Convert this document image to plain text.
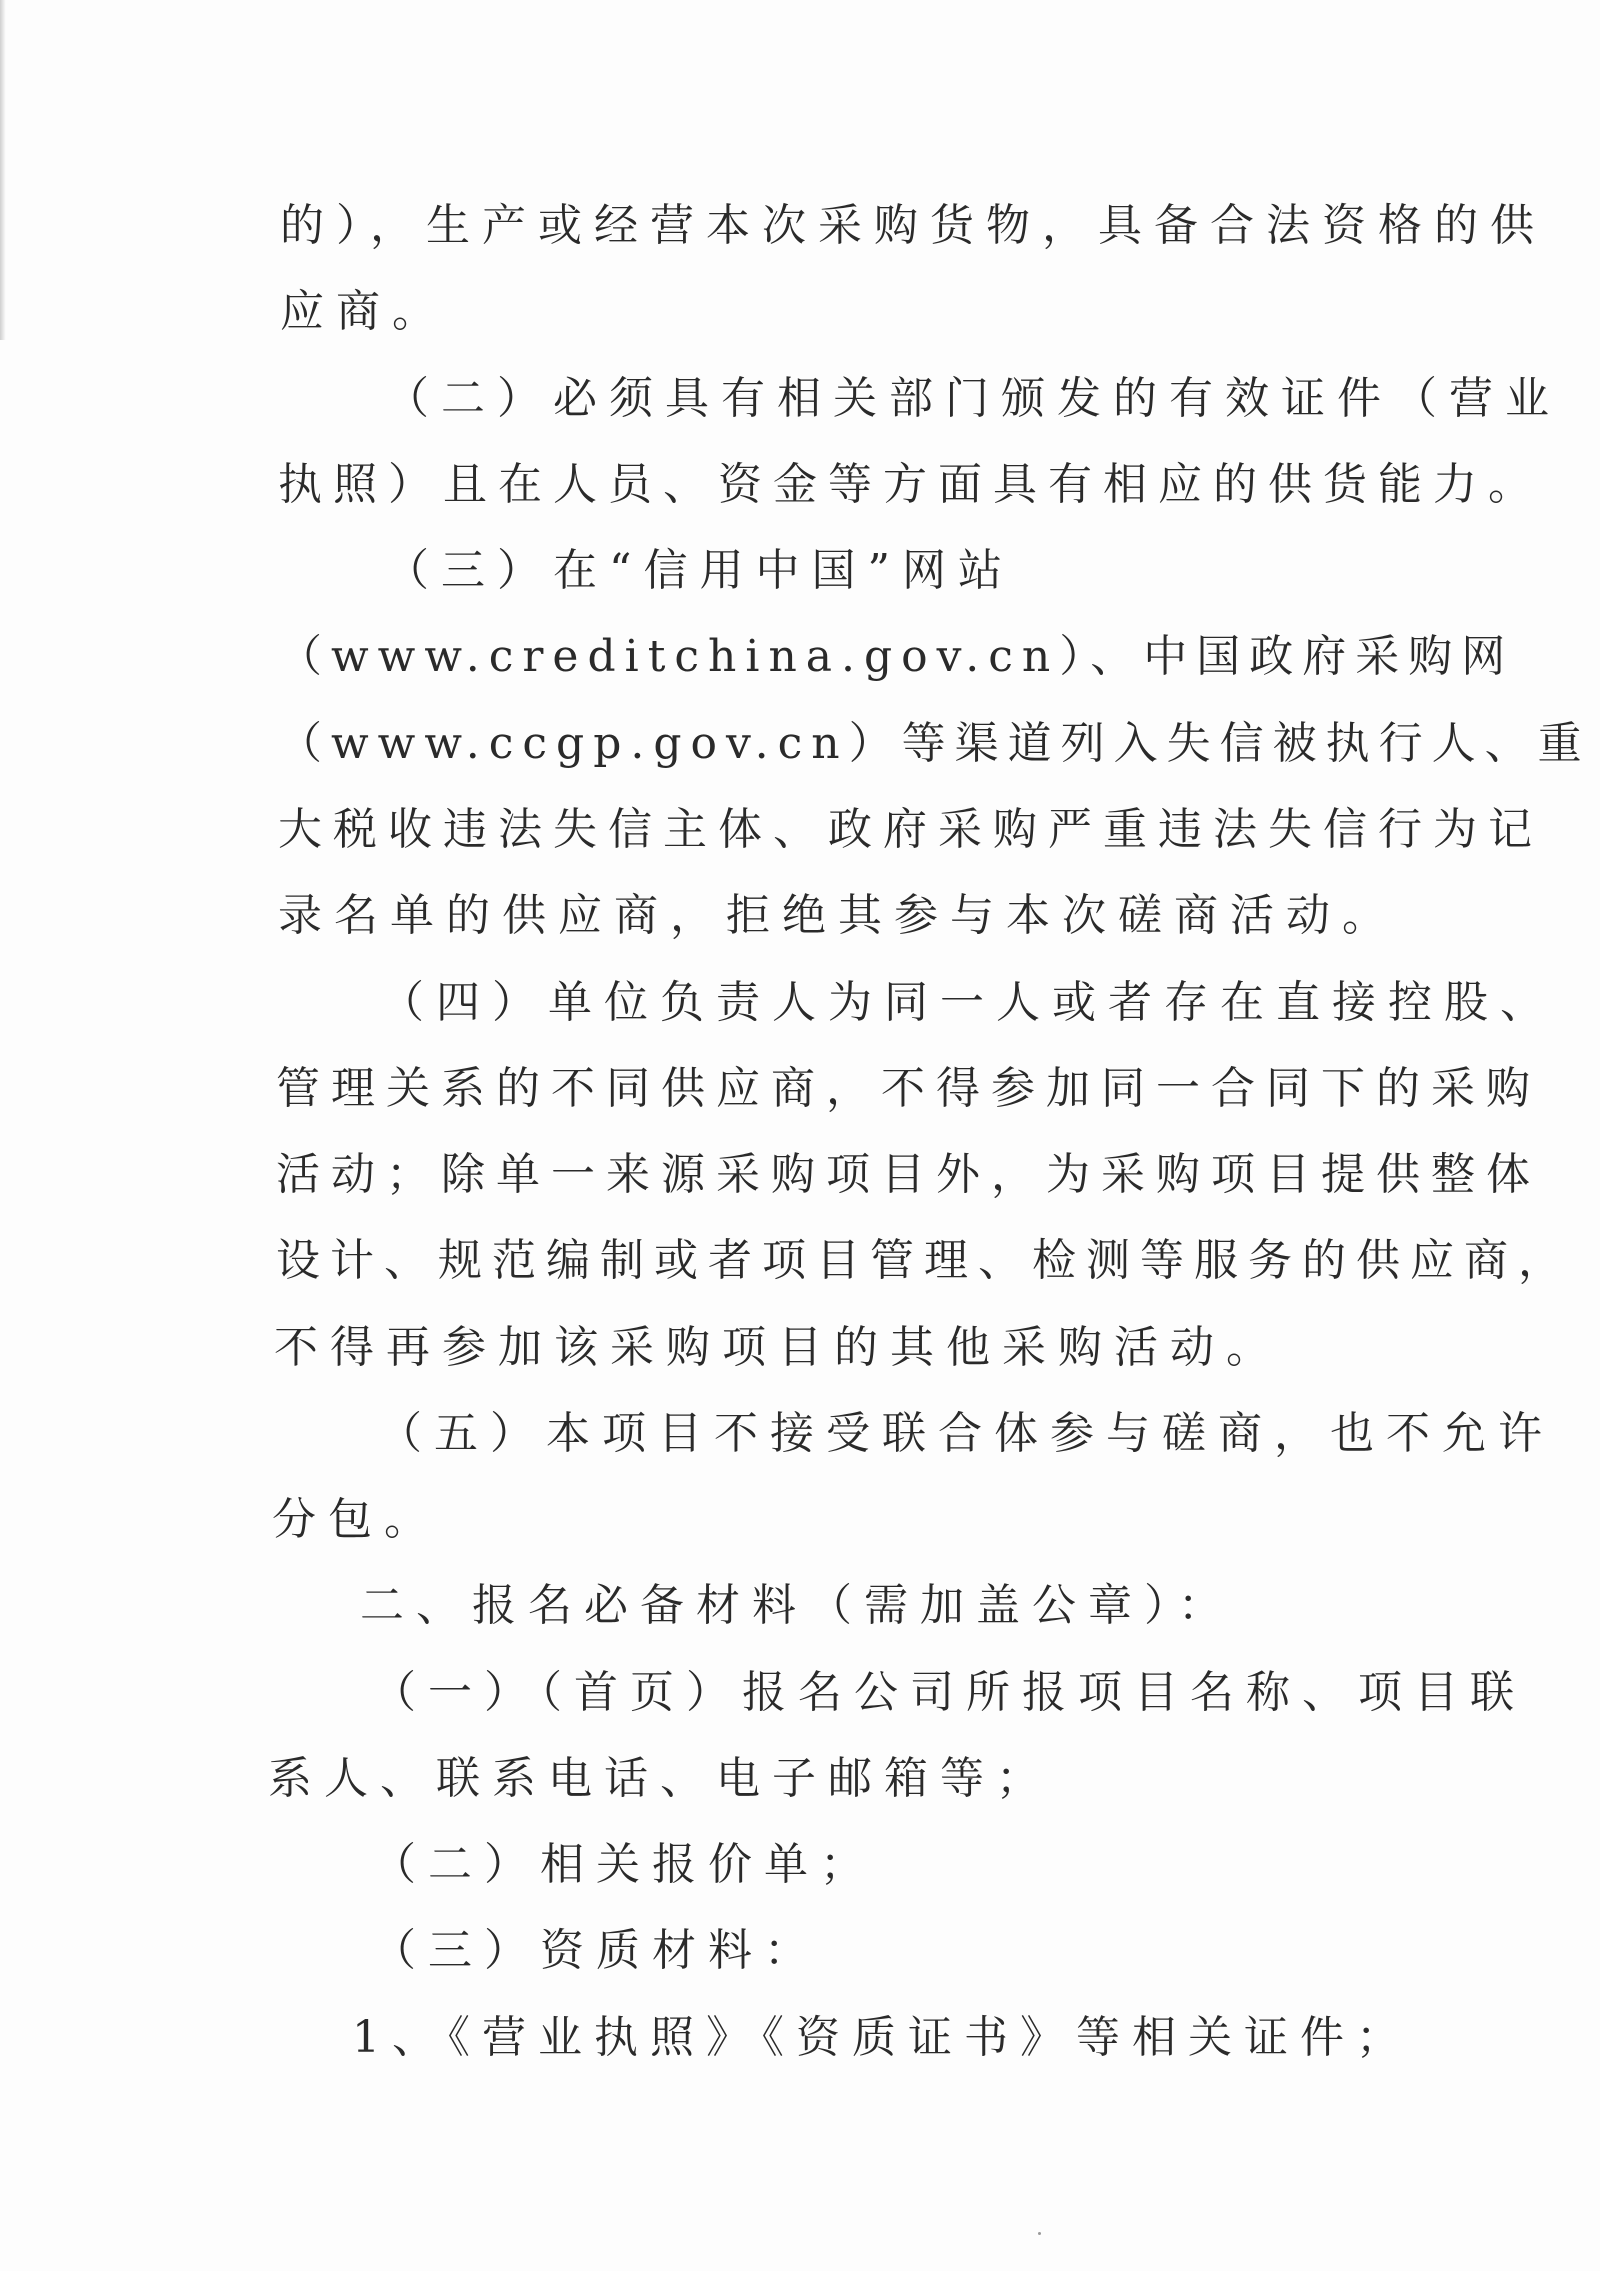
的），生产或经营本次采购货物，具备合法资格的供
应商。
（二）必须具有相关部门颁发的有效证件（营业
执照）且在人员、资金等方面具有相应的供货能力。
（三）在“信用中国”网站
（www.creditchina.gov.cn）、中国政府采购网
（www.ccgp.gov.cn）等渠道列入失信被执行人、重
大税收违法失信主体、政府采购严重违法失信行为记
录名单的供应商，拒绝其参与本次磋商活动。
（四）单位负责人为同一人或者存在直接控股、
管理关系的不同供应商，不得参加同一合同下的采购
活动；除单一来源采购项目外，为采购项目提供整体
设计、规范编制或者项目管理、检测等服务的供应商，
不得再参加该采购项目的其他采购活动。
（五）本项目不接受联合体参与磋商，也不允许
分包。
二、报名必备材料（需加盖公章）：
（一）（首页）报名公司所报项目名称、项目联
系人、联系电话、电子邮箱等；
（二）相关报价单；
（三）资质材料：
1、《营业执照》《资质证书》等相关证件；
